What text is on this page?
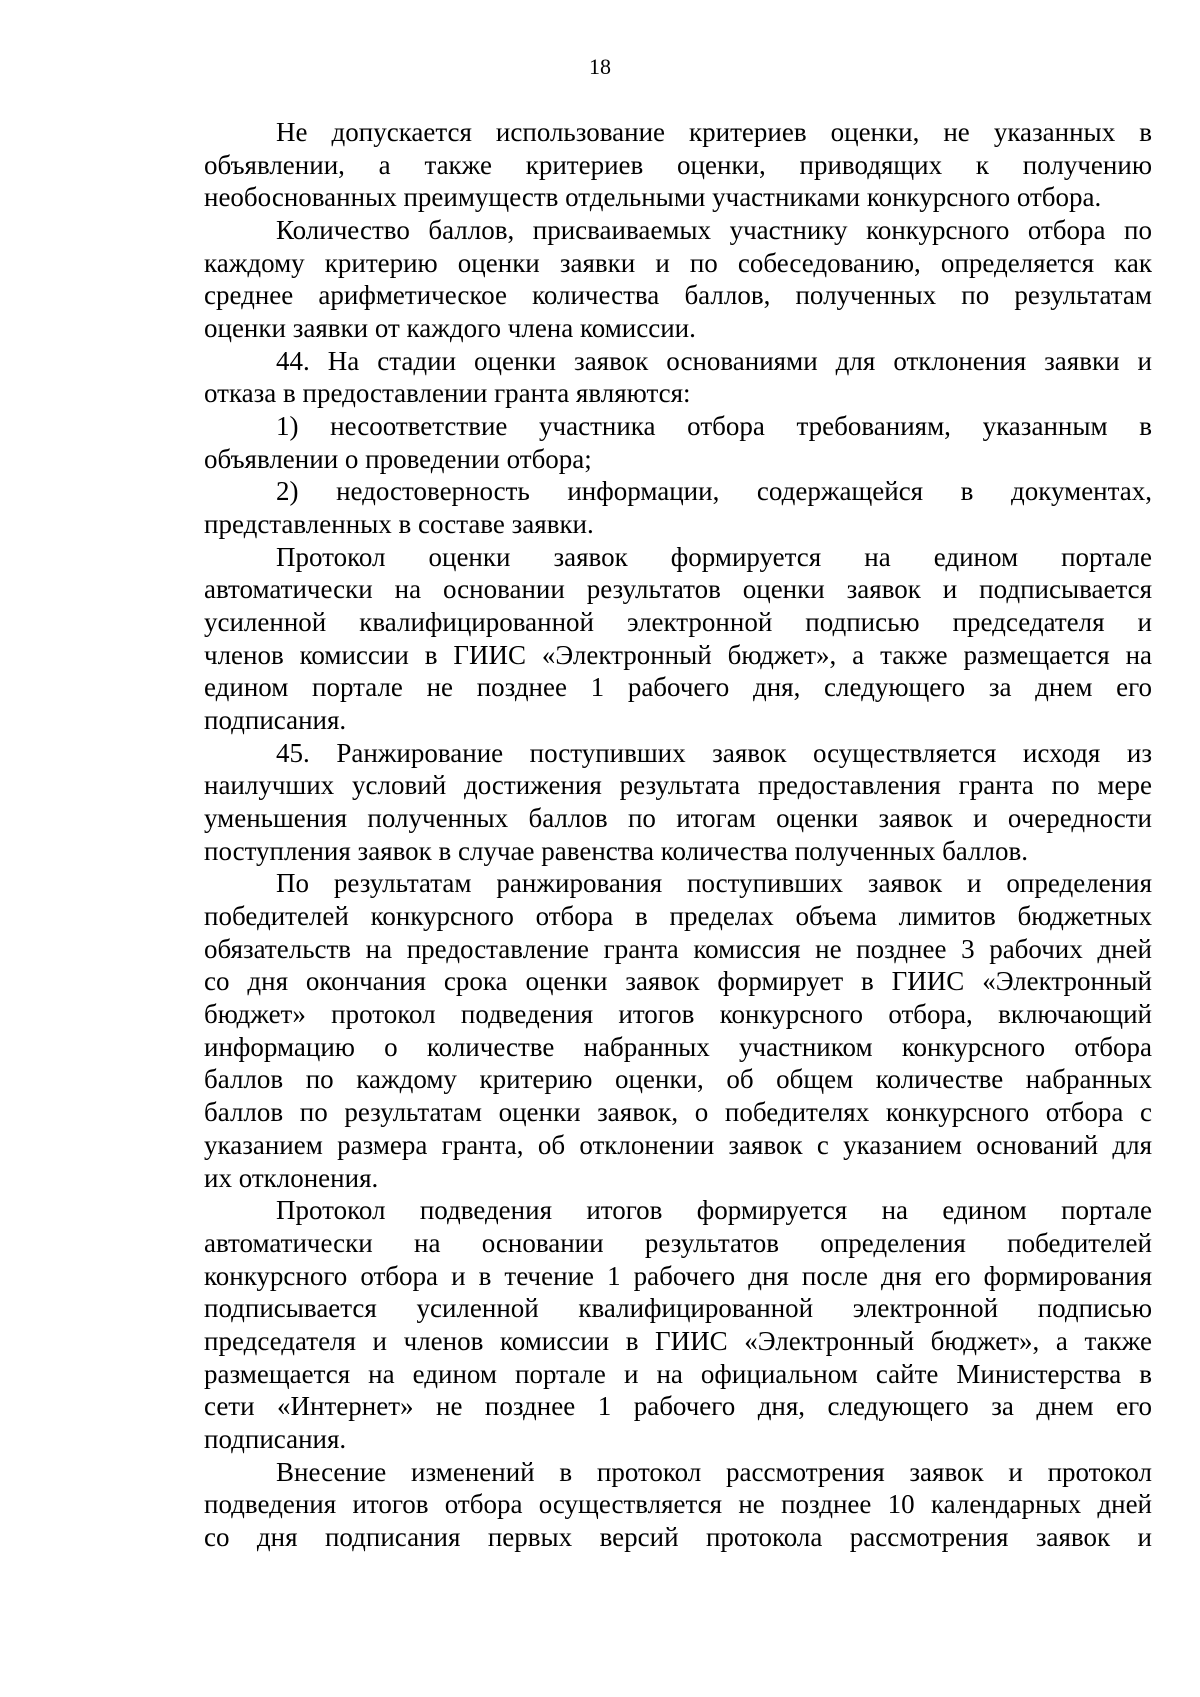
18
Не допускается использование критериев оценки, не указанных в
объявлении, а также критериев оценки, приводящих к получению
необоснованных преимуществ отдельными участниками конкурсного отбора.
Количество баллов, присваиваемых участнику конкурсного отбора по
каждому критерию оценки заявки и по собеседованию, определяется как
среднее арифметическое количества баллов, полученных по результатам
оценки заявки от каждого члена комиссии.
44. На стадии оценки заявок основаниями для отклонения заявки и
отказа в предоставлении гранта являются:
1) несоответствие участника отбора требованиям, указанным в
объявлении о проведении отбора;
2) недостоверность информации, содержащейся в документах,
представленных в составе заявки.
Протокол оценки заявок формируется на едином портале
автоматически на основании результатов оценки заявок и подписывается
усиленной квалифицированной электронной подписью председателя и
членов комиссии в ГИИС «Электронный бюджет», а также размещается на
едином портале не позднее 1 рабочего дня, следующего за днем его
подписания.
45. Ранжирование поступивших заявок осуществляется исходя из
наилучших условий достижения результата предоставления гранта по мере
уменьшения полученных баллов по итогам оценки заявок и очередности
поступления заявок в случае равенства количества полученных баллов.
По результатам ранжирования поступивших заявок и определения
победителей конкурсного отбора в пределах объема лимитов бюджетных
обязательств на предоставление гранта комиссия не позднее 3 рабочих дней
со дня окончания срока оценки заявок формирует в ГИИС «Электронный
бюджет» протокол подведения итогов конкурсного отбора, включающий
информацию о количестве набранных участником конкурсного отбора
баллов по каждому критерию оценки, об общем количестве набранных
баллов по результатам оценки заявок, о победителях конкурсного отбора с
указанием размера гранта, об отклонении заявок с указанием оснований для
их отклонения.
Протокол подведения итогов формируется на едином портале
автоматически на основании результатов определения победителей
конкурсного отбора и в течение 1 рабочего дня после дня его формирования
подписывается усиленной квалифицированной электронной подписью
председателя и членов комиссии в ГИИС «Электронный бюджет», а также
размещается на едином портале и на официальном сайте Министерства в
сети «Интернет» не позднее 1 рабочего дня, следующего за днем его
подписания.
Внесение изменений в протокол рассмотрения заявок и протокол
подведения итогов отбора осуществляется не позднее 10 календарных дней
со дня подписания первых версий протокола рассмотрения заявок и
